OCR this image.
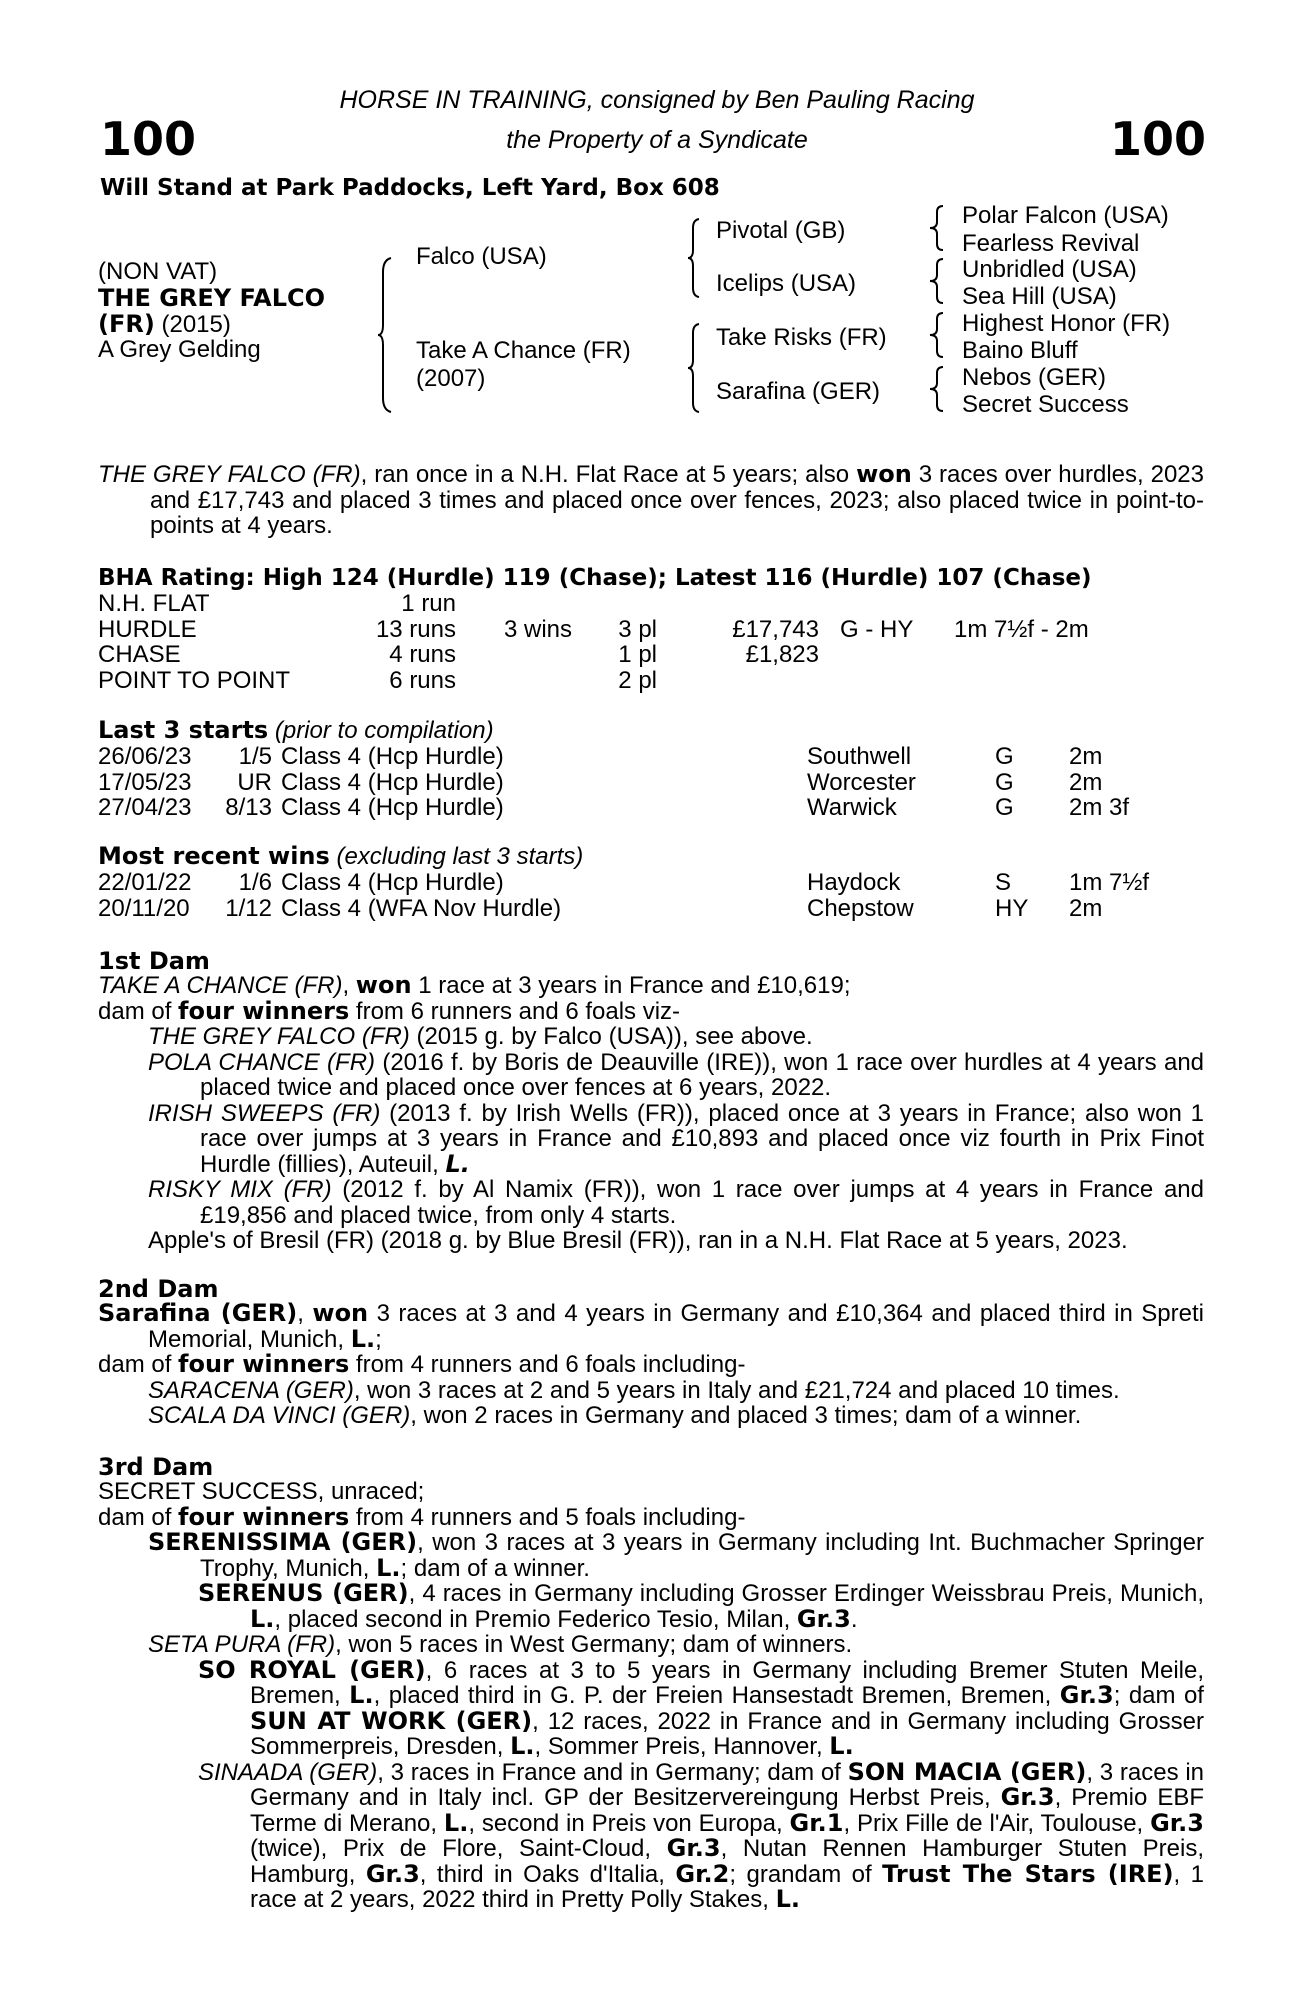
100	100
HORSE IN TRAINING, consigned by Ben Pauling Racing
the Property of a Syndicate
Will Stand at Park Paddocks, Left Yard, Box 608
(NON VAT)
THE GREY FALCO
(FR) (2015)
A Grey Gelding
Falco (USA)
Take A Chance (FR)
(2007)
Pivotal (GB)
Icelips (USA)
Take Risks (FR)
Sarafina (GER)
Polar Falcon (USA)
Fearless Revival
Unbridled (USA)
Sea Hill (USA)
Highest Honor (FR)
Baino Bluff
Nebos (GER)
Secret Success
THE GREY FALCO (FR), ran once in a N.H. Flat Race at 5 years; also won 3 races over hurdles, 2023 and £17,743 and placed 3 times and placed once over fences, 2023; also placed twice in point-to-points at 4 years.
BHA Rating: High 124 (Hurdle) 119 (Chase); Latest 116 (Hurdle) 107 (Chase)
N.H. FLAT	1 run
HURDLE	13 runs 3 wins 3 pl	£17,743 G - HY 1m 7½f - 2m
CHASE	4 runs	1 pl	£1,823
POINT TO POINT	6 runs	2 pl
Last 3 starts (prior to compilation)
26/06/23 1/5 Class 4 (Hcp Hurdle)	Southwell	G 2m
17/05/23 UR Class 4 (Hcp Hurdle)	Worcester	G 2m
27/04/23 8/13 Class 4 (Hcp Hurdle)	Warwick	G 2m 3f
Most recent wins (excluding last 3 starts)
22/01/22 1/6 Class 4 (Hcp Hurdle)	Haydock	S 1m 7½f
20/11/20 1/12 Class 4 (WFA Nov Hurdle)	Chepstow	HY 2m
1st Dam

TAKE A CHANCE (FR), won 1 race at 3 years in France and £10,619;

dam of four winners from 6 runners and 6 foals viz-

THE GREY FALCO (FR) (2015 g. by Falco (USA)), see above.

POLA CHANCE (FR) (2016 f. by Boris de Deauville (IRE)), won 1 race over hurdles at 4 years and placed twice and placed once over fences at 6 years, 2022.

IRISH SWEEPS (FR) (2013 f. by Irish Wells (FR)), placed once at 3 years in France; also won 1 race over jumps at 3 years in France and £10,893 and placed once viz fourth in Prix Finot Hurdle (fillies), Auteuil, L.

RISKY MIX (FR) (2012 f. by Al Namix (FR)), won 1 race over jumps at 4 years in France and £19,856 and placed twice, from only 4 starts.

Apple's of Bresil (FR) (2018 g. by Blue Bresil (FR)), ran in a N.H. Flat Race at 5 years, 2023.

2nd Dam

Sarafina (GER), won 3 races at 3 and 4 years in Germany and £10,364 and placed third in Spreti Memorial, Munich, L.;

dam of four winners from 4 runners and 6 foals including-

SARACENA (GER), won 3 races at 2 and 5 years in Italy and £21,724 and placed 10 times.

SCALA DA VINCI (GER), won 2 races in Germany and placed 3 times; dam of a winner.

3rd Dam

SECRET SUCCESS, unraced;

dam of four winners from 4 runners and 5 foals including-

SERENISSIMA (GER), won 3 races at 3 years in Germany including Int. Buchmacher Springer Trophy, Munich, L.; dam of a winner.

SERENUS (GER), 4 races in Germany including Grosser Erdinger Weissbrau Preis, Munich, L., placed second in Premio Federico Tesio, Milan, Gr.3.

SETA PURA (FR), won 5 races in West Germany; dam of winners.

SO ROYAL (GER), 6 races at 3 to 5 years in Germany including Bremer Stuten Meile, Bremen, L., placed third in G. P. der Freien Hansestadt Bremen, Bremen, Gr.3; dam of SUN AT WORK (GER), 12 races, 2022 in France and in Germany including Grosser Sommerpreis, Dresden, L., Sommer Preis, Hannover, L.

SINAADA (GER), 3 races in France and in Germany; dam of SON MACIA (GER), 3 races in Germany and in Italy incl. GP der Besitzervereingung Herbst Preis, Gr.3, Premio EBF Terme di Merano, L., second in Preis von Europa, Gr.1, Prix Fille de l'Air, Toulouse, Gr.3 (twice), Prix de Flore, Saint-Cloud, Gr.3, Nutan Rennen Hamburger Stuten Preis, Hamburg, Gr.3, third in Oaks d'Italia, Gr.2; grandam of Trust The Stars (IRE), 1 race at 2 years, 2022 third in Pretty Polly Stakes, L.
